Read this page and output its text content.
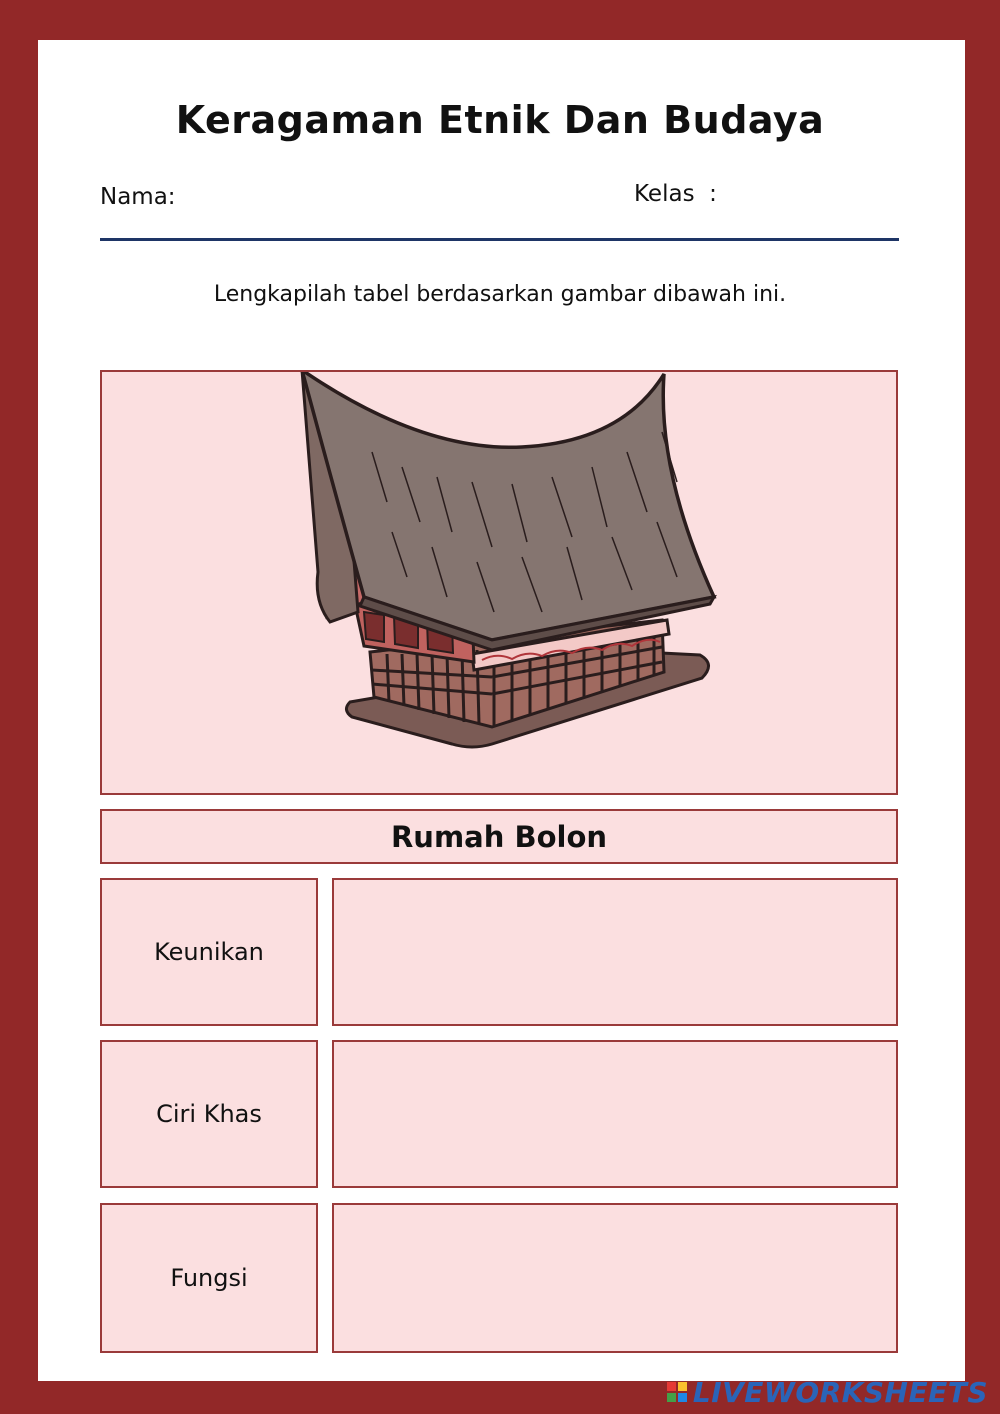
Keragaman Etnik Dan Budaya
Nama:	Kelas  :
Lengkapilah tabel berdasarkan gambar dibawah ini.
Rumah Bolon
Keunikan
Ciri Khas
Fungsi
LIVEWORKSHEETS
